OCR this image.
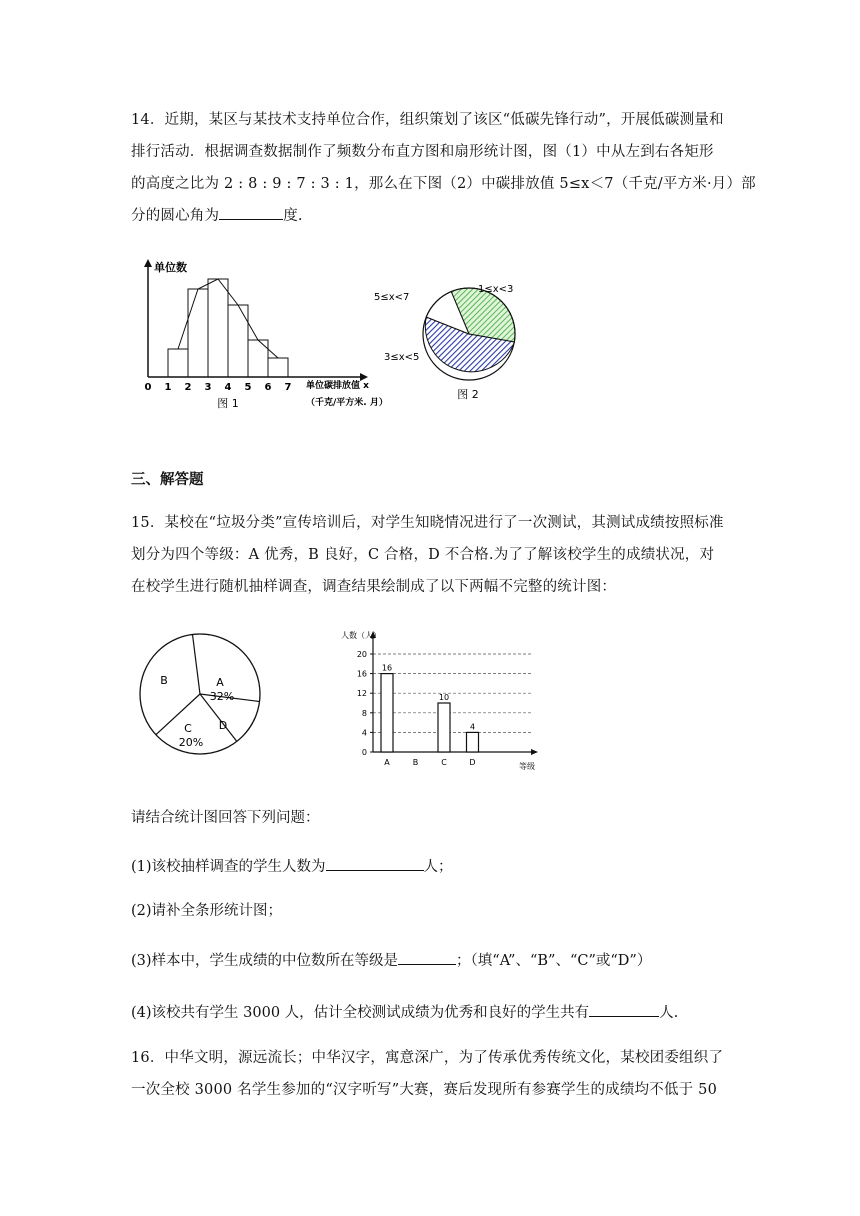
14．近期，某区与某技术支持单位合作，组织策划了该区“低碳先锋行动”，开展低碳测量和
排行活动．根据调查数据制作了频数分布直方图和扇形统计图，图（1）中从左到右各矩形
的高度之比为 2 : 8 : 9 : 7 : 3 : 1，那么在下图（2）中碳排放值 5≤x＜7（千克/平方米·月）部
分的圆心角为	度.
单位数
0 1 2 3 4 5 6 7 单位碳排放值 x
（千克/平方米. 月）
图 1
1≤x<3
5≤x<7
3≤x<5
图 2
三、解答题
15．某校在“垃圾分类”宣传培训后，对学生知晓情况进行了一次测试，其测试成绩按照标准
划分为四个等级：A 优秀，B 良好，C 合格，D 不合格.为了了解该校学生的成绩状况，对
在校学生进行随机抽样调查，调查结果绘制成了以下两幅不完整的统计图：
B	A
32%
C
20%
D
0
4
8
12
16
20
人数（人）
等级
A
16
B	C
10
D
4
请结合统计图回答下列问题：
(1)该校抽样调查的学生人数为	人；
(2)请补全条形统计图；
(3)样本中，学生成绩的中位数所在等级是	；（填“A”、“B”、“C”或“D”）
(4)该校共有学生 3000 人，估计全校测试成绩为优秀和良好的学生共有	人.
16．中华文明，源远流长；中华汉字，寓意深广，为了传承优秀传统文化，某校团委组织了
一次全校 3000 名学生参加的“汉字听写”大赛，赛后发现所有参赛学生的成绩均不低于 50
